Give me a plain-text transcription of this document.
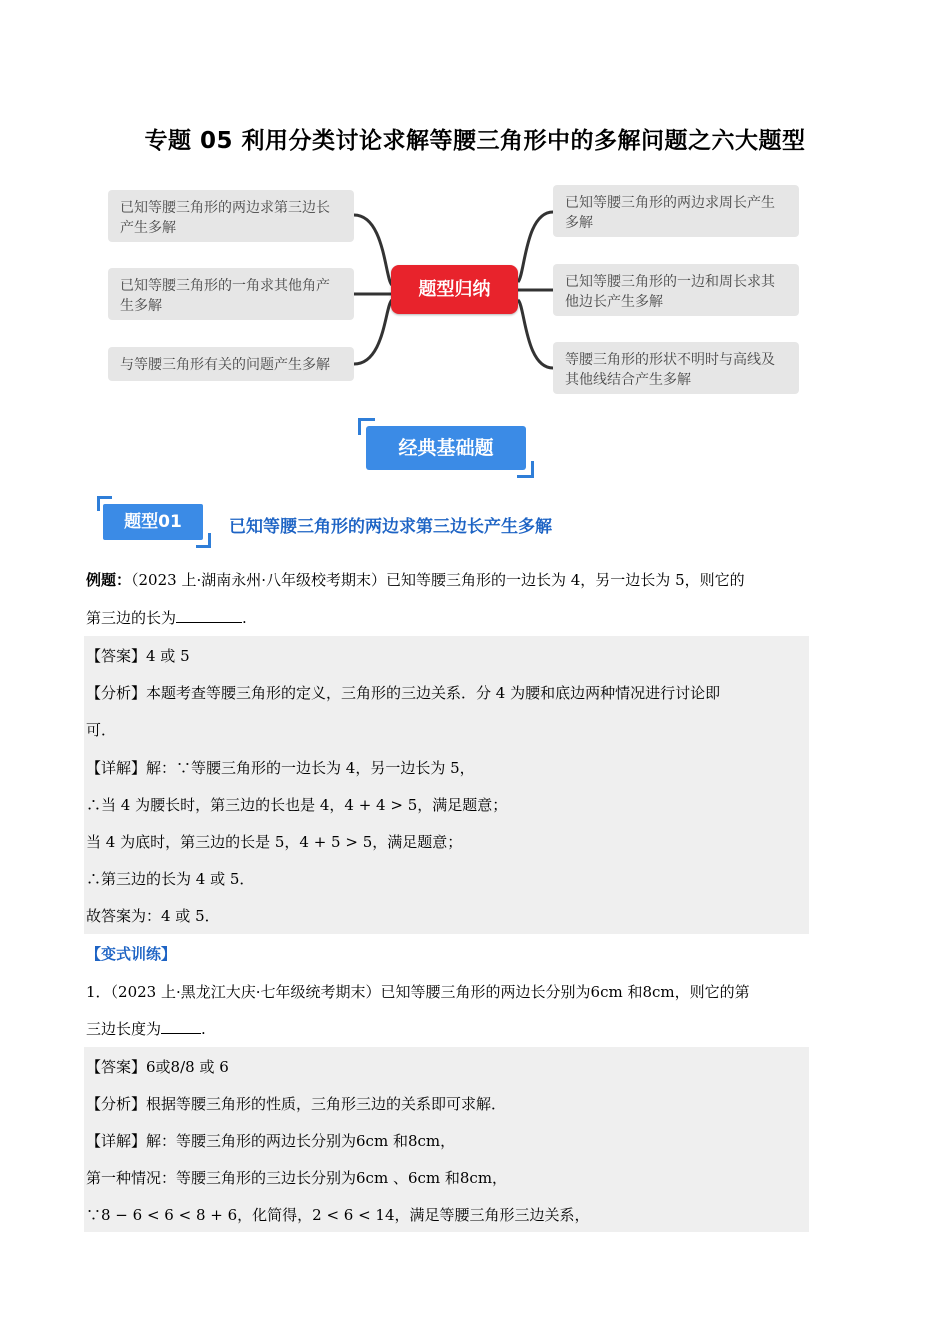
专题 05 利用分类讨论求解等腰三角形中的多解问题之六大题型
已知等腰三角形的两边求第三边长产生多解
已知等腰三角形的一角求其他角产生多解
与等腰三角形有关的问题产生多解
题型归纳
已知等腰三角形的两边求周长产生多解
已知等腰三角形的一边和周长求其他边长产生多解
等腰三角形的形状不明时与高线及其他线结合产生多解
经典基础题
题型01	已知等腰三角形的两边求第三边长产生多解
例题：（2023 上·湖南永州·八年级校考期末）已知等腰三角形的一边长为 4，另一边长为 5，则它的
第三边的长为	.
【答案】4 或 5
【分析】本题考查等腰三角形的定义，三角形的三边关系．分 4 为腰和底边两种情况进行讨论即
可．
【详解】解：∵等腰三角形的一边长为 4，另一边长为 5，
∴当 4 为腰长时，第三边的长也是 4，4 + 4 > 5，满足题意；
当 4 为底时，第三边的长是 5，4 + 5 > 5，满足题意；
∴第三边的长为 4 或 5．
故答案为：4 或 5．
【变式训练】
1．（2023 上·黑龙江大庆·七年级统考期末）已知等腰三角形的两边长分别为6cm 和8cm，则它的第
三边长度为	.
【答案】6或8/8 或 6
【分析】根据等腰三角形的性质，三角形三边的关系即可求解．
【详解】解：等腰三角形的两边长分别为6cm 和8cm，
第一种情况：等腰三角形的三边长分别为6cm 、6cm 和8cm，
∵8 − 6 < 6 < 8 + 6，化简得，2 < 6 < 14，满足等腰三角形三边关系，
